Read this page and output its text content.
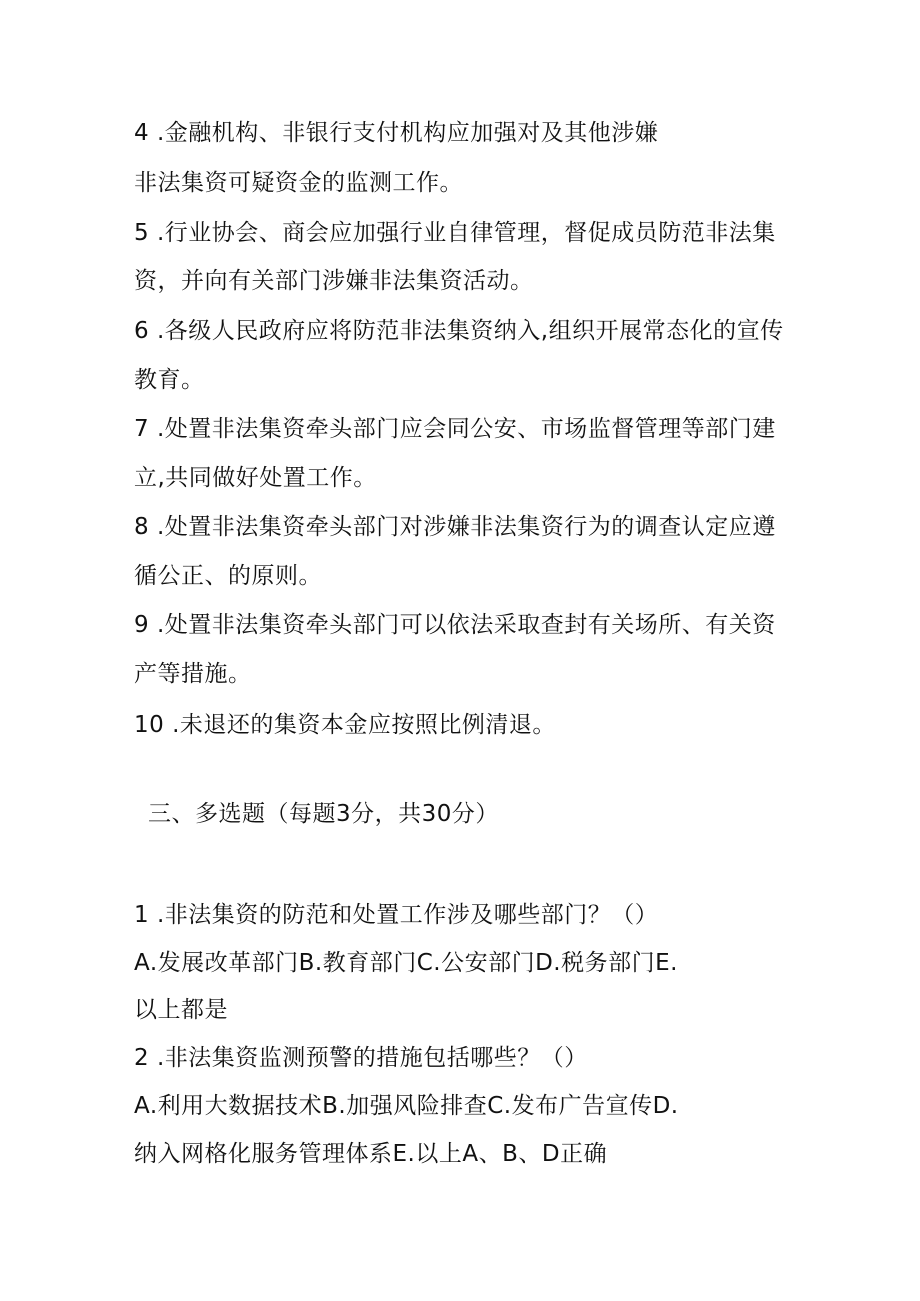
4 .金融机构、非银行支付机构应加强对及其他涉嫌
非法集资可疑资金的监测工作。
5 .行业协会、商会应加强行业自律管理，督促成员防范非法集
资，并向有关部门涉嫌非法集资活动。
6 .各级人民政府应将防范非法集资纳入,组织开展常态化的宣传
教育。
7 .处置非法集资牵头部门应会同公安、市场监督管理等部门建
立,共同做好处置工作。
8 .处置非法集资牵头部门对涉嫌非法集资行为的调查认定应遵
循公正、的原则。
9 .处置非法集资牵头部门可以依法采取查封有关场所、有关资
产等措施。
10 .未退还的集资本金应按照比例清退。
三、多选题（每题3分，共30分）
1 .非法集资的防范和处置工作涉及哪些部门？（）
A.发展改革部门B.教育部门C.公安部门D.税务部门E.
以上都是
2 .非法集资监测预警的措施包括哪些？（）
A.利用大数据技术B.加强风险排查C.发布广告宣传D.
纳入网格化服务管理体系E.以上A、B、D正确
